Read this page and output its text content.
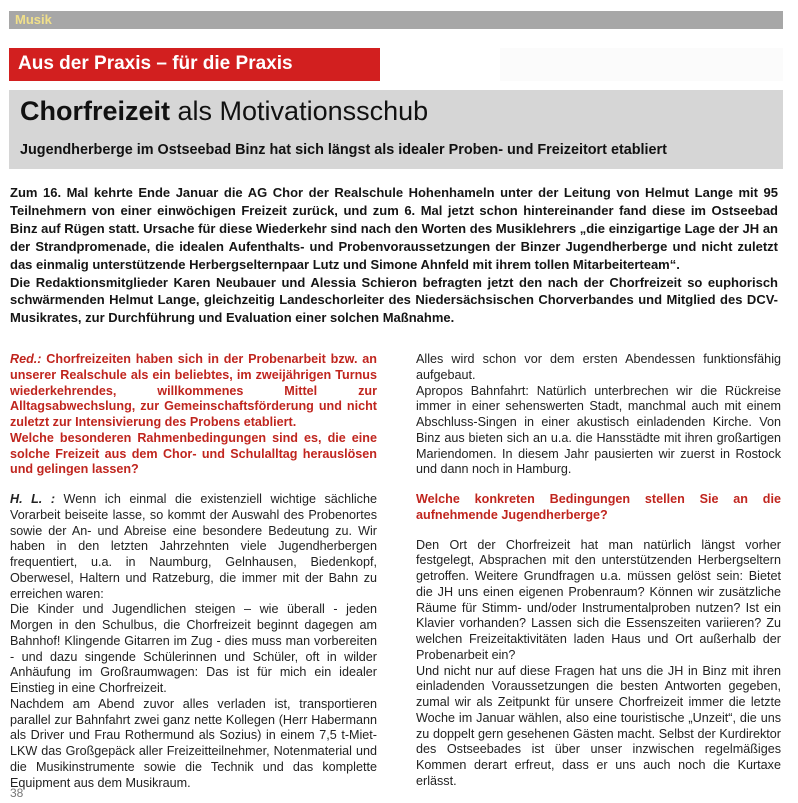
Musik
Aus der Praxis – für die Praxis
Chorfreizeit als Motivationsschub
Jugendherberge im Ostseebad Binz hat sich längst als idealer Proben- und Freizeitort etabliert

Zum 16. Mal kehrte Ende Januar die AG Chor der Realschule Hohenhameln unter der Leitung von Helmut Lange mit 95 Teilnehmern von einer einwöchigen Freizeit zurück, und zum 6. Mal jetzt schon hintereinander fand diese im Ostseebad Binz auf Rügen statt. Ursache für diese Wiederkehr sind nach den Worten des Musiklehrers „die einzigartige Lage der JH an der Strandpromenade, die idealen Aufenthalts- und Probenvoraussetzungen der Binzer Jugendherberge und nicht zuletzt das einmalig unterstützende Herbergselternpaar Lutz und Simone Ahnfeld mit ihrem tollen Mitarbeiterteam“.

Die Redaktionsmitglieder Karen Neubauer und Alessia Schieron befragten jetzt den nach der Chorfreizeit so euphorisch schwärmenden Helmut Lange, gleichzeitig Landeschorleiter des Niedersächsischen Chorverbandes und Mitglied des DCV-Musikrates, zur Durchführung und Evaluation einer solchen Maßnahme.

Red.: Chorfreizeiten haben sich in der Probenarbeit bzw. an unserer Realschule als ein beliebtes, im zweijährigen Turnus wiederkehrendes, willkommenes Mittel zur Alltagsabwechslung, zur Gemeinschaftsförderung und nicht zuletzt zur Intensivierung des Probens etabliert.

Welche besonderen Rahmenbedingungen sind es, die eine solche Freizeit aus dem Chor- und Schulalltag herauslösen und gelingen lassen?

H. L. : Wenn ich einmal die existenziell wichtige sächliche Vorarbeit beiseite lasse, so kommt der Auswahl des Probenortes sowie der An- und Abreise eine besondere Bedeutung zu. Wir haben in den letzten Jahrzehnten viele Jugendherbergen frequentiert, u.a. in Naumburg, Gelnhausen, Biedenkopf, Oberwesel, Haltern und Ratzeburg, die immer mit der Bahn zu erreichen waren:

Die Kinder und Jugendlichen steigen – wie überall - jeden Morgen in den Schulbus, die Chorfreizeit beginnt dagegen am Bahnhof! Klingende Gitarren im Zug - dies muss man vorbereiten - und dazu singende Schülerinnen und Schüler, oft in wilder Anhäufung im Großraumwagen: Das ist für mich ein idealer Einstieg in eine Chorfreizeit.

Nachdem am Abend zuvor alles verladen ist, transportieren parallel zur Bahnfahrt zwei ganz nette Kollegen (Herr Habermann als Driver und Frau Rothermund als Sozius) in einem 7,5 t-Miet-LKW das Großgepäck aller Freizeitteilnehmer, Notenmaterial und die Musikinstrumente sowie die Technik und das komplette Equipment aus dem Musikraum.

Alles wird schon vor dem ersten Abendessen funktionsfähig aufgebaut.

Apropos Bahnfahrt: Natürlich unterbrechen wir die Rückreise immer in einer sehenswerten Stadt, manchmal auch mit einem Abschluss-Singen in einer akustisch einladenden Kirche. Von Binz aus bieten sich an u.a. die Hansstädte mit ihren großartigen Mariendomen. In diesem Jahr pausierten wir zuerst in Rostock und dann noch in Hamburg.

Welche konkreten Bedingungen stellen Sie an die aufnehmende Jugendherberge?

Den Ort der Chorfreizeit hat man natürlich längst vorher festgelegt, Absprachen mit den unterstützenden Herbergseltern getroffen. Weitere Grundfragen u.a. müssen gelöst sein: Bietet die JH uns einen eigenen Probenraum? Können wir zusätzliche Räume für Stimm- und/oder Instrumentalproben nutzen? Ist ein Klavier vorhanden? Lassen sich die Essenszeiten variieren? Zu welchen Freizeitaktivitäten laden Haus und Ort außerhalb der Probenarbeit ein?

Und nicht nur auf diese Fragen hat uns die JH in Binz mit ihren einladenden Voraussetzungen die besten Antworten gegeben, zumal wir als Zeitpunkt für unsere Chorfreizeit immer die letzte Woche im Januar wählen, also eine touristische „Unzeit“, die uns zu doppelt gern gesehenen Gästen macht. Selbst der Kurdirektor des Ostseebades ist über unser inzwischen regelmäßiges Kommen derart erfreut, dass er uns auch noch die Kurtaxe erlässt.

38
